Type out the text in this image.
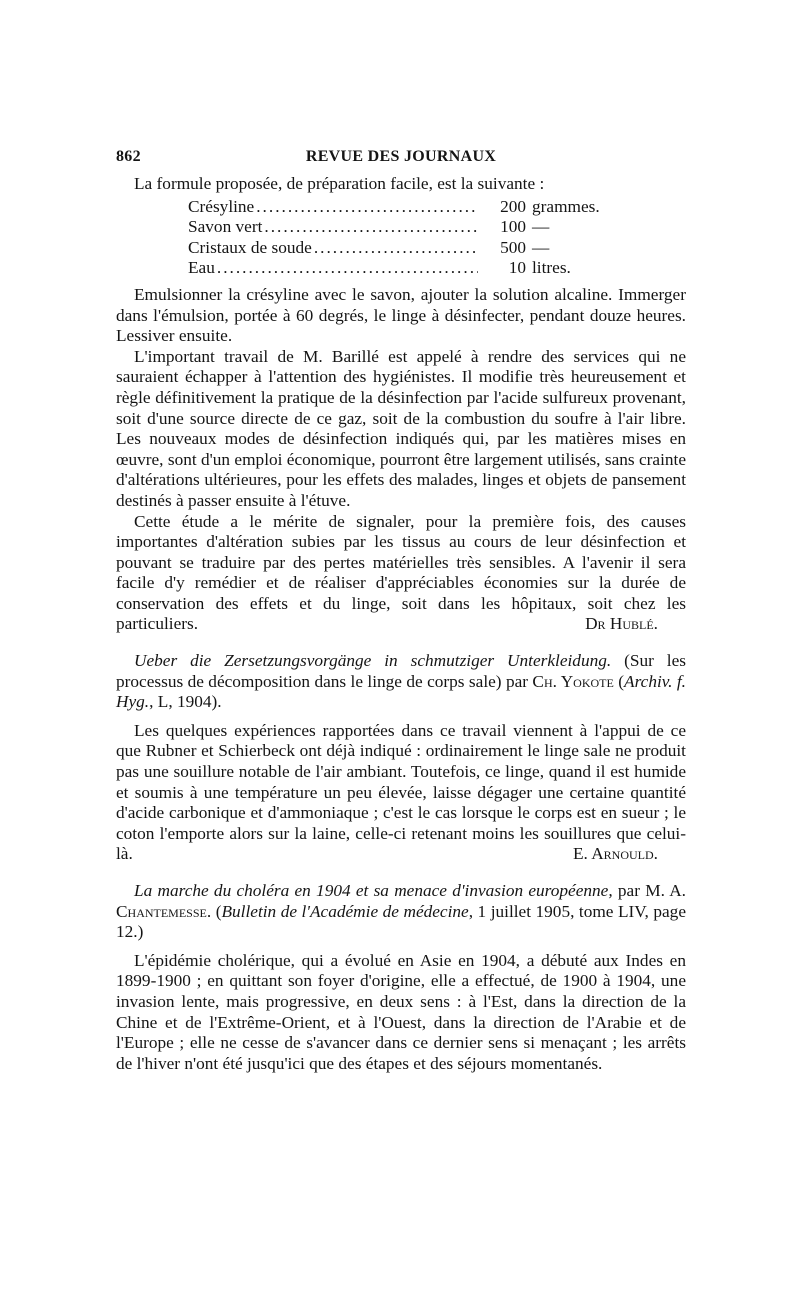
862	REVUE DES JOURNAUX

La formule proposée, de préparation facile, est la suivante :

Crésyline .....	200 grammes.
Savon vert .....	100 —
Cristaux de soude .....	500 —
Eau .....	10 litres.

Emulsionner la crésyline avec le savon, ajouter la solution alcaline. Immerger dans l'émulsion, portée à 60 degrés, le linge à désinfecter, pendant douze heures. Lessiver ensuite.

L'important travail de M. Barillé est appelé à rendre des services qui ne sauraient échapper à l'attention des hygiénistes. Il modifie très heureusement et règle définitivement la pratique de la désinfection par l'acide sulfureux provenant, soit d'une source directe de ce gaz, soit de la combustion du soufre à l'air libre. Les nouveaux modes de désinfection indiqués qui, par les matières mises en œuvre, sont d'un emploi économique, pourront être largement utilisés, sans crainte d'altérations ultérieures, pour les effets des malades, linges et objets de pansement destinés à passer ensuite à l'étuve.

Cette étude a le mérite de signaler, pour la première fois, des causes importantes d'altération subies par les tissus au cours de leur désinfection et pouvant se traduire par des pertes matérielles très sensibles. A l'avenir il sera facile d'y remédier et de réaliser d'appréciables économies sur la durée de conservation des effets et du linge, soit dans les hôpitaux, soit chez les particuliers.	Dr Hublé.

Ueber die Zersetzungsvorgänge in schmutziger Unterkleidung. (Sur les processus de décomposition dans le linge de corps sale) par Ch. Yokote (Archiv. f. Hyg., L, 1904).

Les quelques expériences rapportées dans ce travail viennent à l'appui de ce que Rubner et Schierbeck ont déjà indiqué : ordinairement le linge sale ne produit pas une souillure notable de l'air ambiant. Toutefois, ce linge, quand il est humide et soumis à une température un peu élevée, laisse dégager une certaine quantité d'acide carbonique et d'ammoniaque ; c'est le cas lorsque le corps est en sueur ; le coton l'emporte alors sur la laine, celle-ci retenant moins les souillures que celui-là.	E. Arnould.

La marche du choléra en 1904 et sa menace d'invasion européenne, par M. A. Chantemesse. (Bulletin de l'Académie de médecine, 1 juillet 1905, tome LIV, page 12.)

L'épidémie cholérique, qui a évolué en Asie en 1904, a débuté aux Indes en 1899-1900 ; en quittant son foyer d'origine, elle a effectué, de 1900 à 1904, une invasion lente, mais progressive, en deux sens : à l'Est, dans la direction de la Chine et de l'Extrême-Orient, et à l'Ouest, dans la direction de l'Arabie et de l'Europe ; elle ne cesse de s'avancer dans ce dernier sens si menaçant ; les arrêts de l'hiver n'ont été jusqu'ici que des étapes et des séjours momentanés.
